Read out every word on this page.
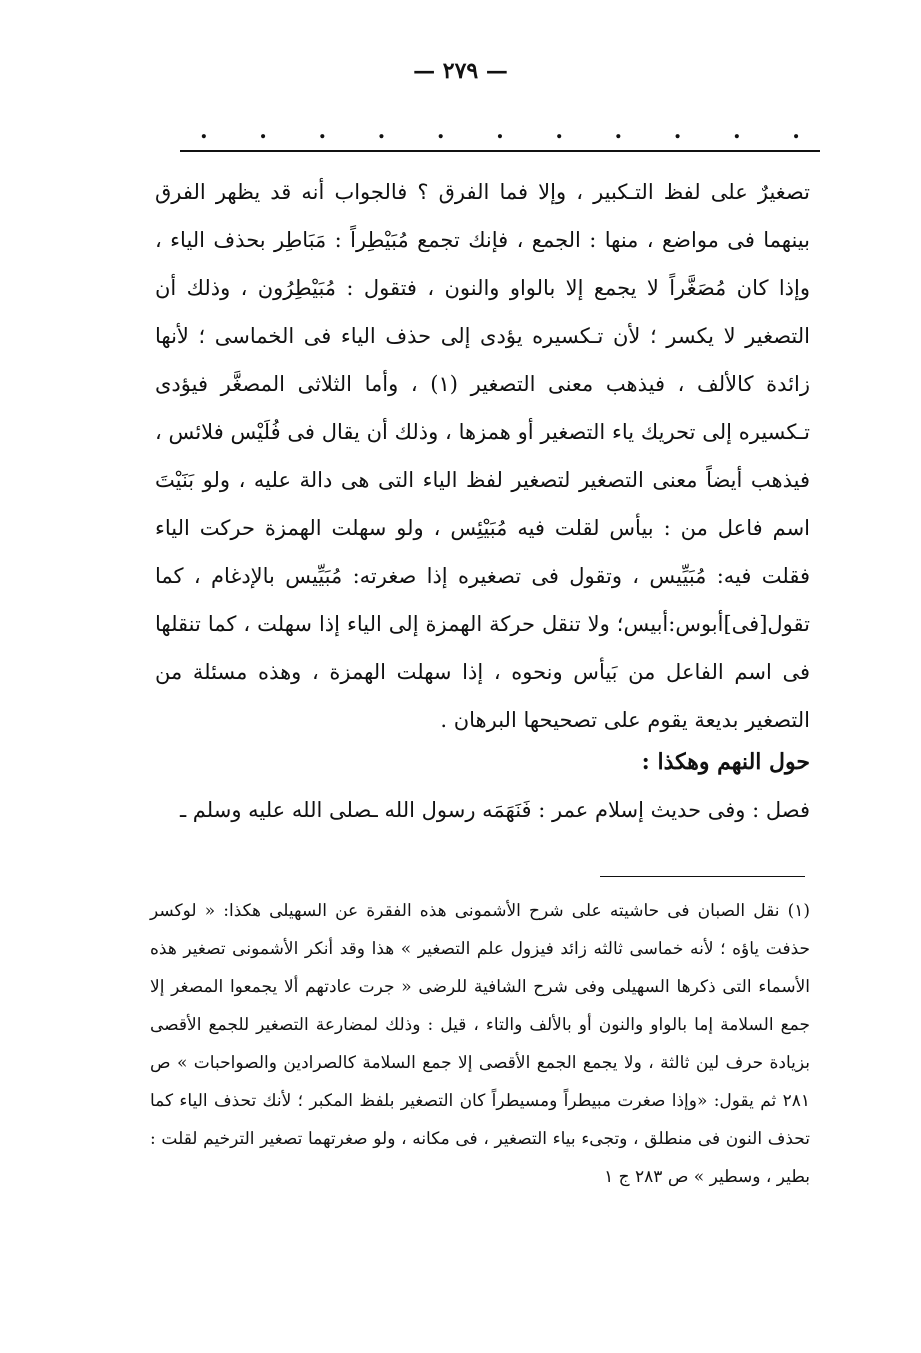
— ٢٧٩ —
. . . . . . . . . . .

تصغيرٌ على لفظ التـكبير ، وإلا فما الفرق ؟ فالجواب أنه قد يظهر الفرق بينهما فى مواضع ، منها : الجمع ، فإنك تجمع مُبَيْطِراً : مَبَاطِر بحذف الياء ، وإذا كان مُصَغَّراً لا يجمع إلا بالواو والنون ، فتقول : مُبَيْطِرُون ، وذلك أن التصغير لا يكسر ؛ لأن تـكسيره يؤدى إلى حذف الياء فى الخماسى ؛ لأنها زائدة كالألف ، فيذهب معنى التصغير (١) ، وأما الثلاثى المصغَّر فيؤدى تـكسيره إلى تحريك ياء التصغير أو همزها ، وذلك أن يقال فى فُلَيْس فلائس ، فيذهب أيضاً معنى التصغير لتصغير لفظ الياء التى هى دالة عليه ، ولو بَنَيْتَ اسم فاعل من : بيأس لقلت فيه مُبَيْئِس ، ولو سهلت الهمزة حركت الياء فقلت فيه: مُبَيِّيس ، وتقول فى تصغيره إذا صغرته: مُبَيِّيس بالإدغام ، كما تقول[فى]أبوس:أبيس؛ ولا تنقل حركة الهمزة إلى الياء إذا سهلت ، كما تنقلها فى اسم الفاعل من بَيأس ونحوه ، إذا سهلت الهمزة ، وهذه مسئلة من التصغير بديعة يقوم على تصحيحها البرهان .

حول النهم وهكذا :
فصل : وفى حديث إسلام عمر : فَنَهَمَه رسول الله ـصلى الله عليه وسلم ـ

(١) نقل الصبان فى حاشيته على شرح الأشمونى هذه الفقرة عن السهيلى هكذا: « لوكسر حذفت ياؤه ؛ لأنه خماسى ثالثه زائد فيزول علم التصغير » هذا وقد أنكر الأشمونى تصغير هذه الأسماء التى ذكرها السهيلى وفى شرح الشافية للرضى « جرت عادتهم ألا يجمعوا المصغر إلا جمع السلامة إما بالواو والنون أو بالألف والتاء ، قيل : وذلك لمضارعة التصغير للجمع الأقصى بزيادة حرف لين ثالثة ، ولا يجمع الجمع الأقصى إلا جمع السلامة كالصرادين والصواحبات » ص ٢٨١ ثم يقول: «وإذا صغرت مبيطراً ومسيطراً كان التصغير بلفظ المكبر ؛ لأنك تحذف الياء كما تحذف النون فى منطلق ، وتجىء بياء التصغير ، فى مكانه ، ولو صغرتهما تصغير الترخيم لقلت : بطير ، وسطير » ص ٢٨٣ ج ١
